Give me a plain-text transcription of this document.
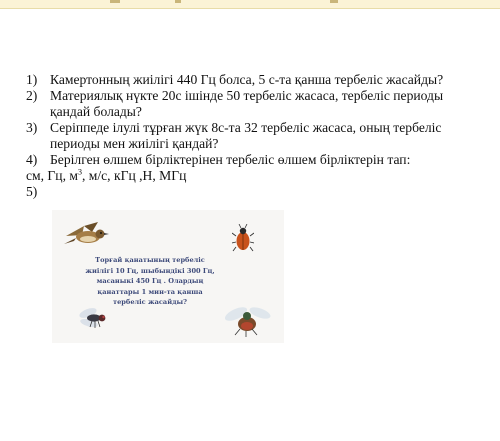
1) Камертонның жиілігі 440 Гц болса, 5 с-та қанша тербеліс жасайды?
2) Материялық нүкте 20с ішінде 50 тербеліс жасаса, тербеліс периоды қандай болады?
3) Серіппеде ілулі тұрған жүк 8с-та 32 тербеліс жасаса, оның тербеліс периоды мен жиілігі қандай?
4) Берілген өлшем бірліктерінен тербеліс өлшем бірліктерін тап:
см, Гц, $м^3$, м/с, кГц ,Н, МГц
5)
Торғай қанатының тербеліс
жиілігі 10 Гц, шыбындікі 300 Гц,
масаныкі 450 Гц . Олардың
қанаттары 1 мин-та қанша
тербеліс жасайды?
